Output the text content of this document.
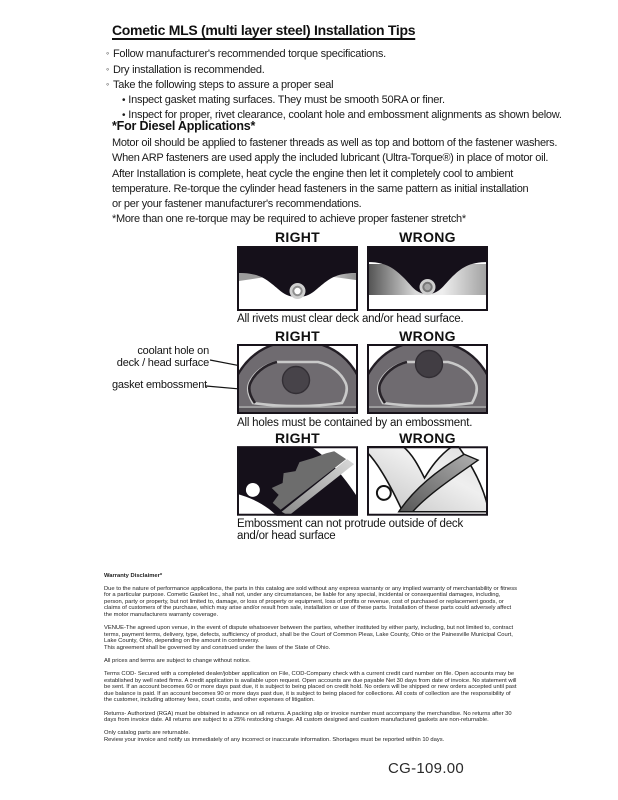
Cometic MLS (multi layer steel) Installation Tips
◦ Follow manufacturer's recommended torque specifications.
◦ Dry installation is recommended.
◦ Take the following steps to assure a proper seal
• Inspect gasket mating surfaces. They must be smooth 50RA or finer.
• Inspect for proper, rivet clearance, coolant hole and embossment alignments as shown below.
*For Diesel Applications*
Motor oil should be applied to fastener threads as well as top and bottom of the fastener washers.
When ARP fasteners are used apply the included lubricant (Ultra-Torque®) in place of motor oil.
After Installation is complete, heat cycle the engine then let it completely cool to ambient
temperature. Re-torque the cylinder head fasteners in the same pattern as initial installation
or per your fastener manufacturer's recommendations.
*More than one re-torque may be required to achieve proper fastener stretch*
RIGHT	WRONG
All rivets must clear deck and/or head surface.
RIGHT	WRONG
coolant hole on
deck / head surface
gasket embossment
All holes must be contained by an embossment.
RIGHT	WRONG
Embossment can not protrude outside of deck
and/or head surface

Warranty Disclaimer*

Due to the nature of performance applications, the parts in this catalog are sold without any express warranty or any implied warranty of merchantability or fitness for a particular purpose. Cometic Gasket Inc., shall not, under any circumstances, be liable for any special, incidental or consequential damages, including, person, party or property, but not limited to, damage, or loss of property or equipment, loss of profits or revenue, cost of purchased or replacement goods, or claims of customers of the purchase, which may arise and/or result from sale, installation or use of these parts. Installation of these parts could adversely affect the motor manufacturers warranty coverage.

VENUE-The agreed upon venue, in the event of dispute whatsoever between the parties, whether instituted by either party, including, but not limited to, contract terms, payment terms, delivery, type, defects, sufficiency of product, shall be the Court of Common Pleas, Lake County, Ohio or the Painesville Municipal Court, Lake County, Ohio, depending on the amount in controversy.

This agreement shall be governed by and construed under the laws of the State of Ohio.

All prices and terms are subject to change without notice.

Terms COD- Secured with a completed dealer/jobber application on File, COD-Company check with a current credit card number on file. Open accounts may be established by well rated firms. A credit application is available upon request. Open accounts are due payable Net 30 days from date of invoice. No statement will be sent. If an account becomes 60 or more days past due, it is subject to being placed on credit hold. No orders will be shipped or new orders accepted until past due balance is paid. If an account becomes 90 or more days past due, it is subject to being placed for collections. All costs of collection are the responsibility of the customer, including attorney fees, court costs, and other expenses of litigation.

Returns- Authorized (RGA) must be obtained in advance on all returns. A packing slip or invoice number must accompany the merchandise. No returns after 30 days from invoice date. All returns are subject to a 25% restocking charge. All custom designed and custom manufactured gaskets are non-returnable.

Only catalog parts are returnable.

Review your invoice and notify us immediately of any incorrect or inaccurate information. Shortages must be reported within 10 days.

CG-109.00
